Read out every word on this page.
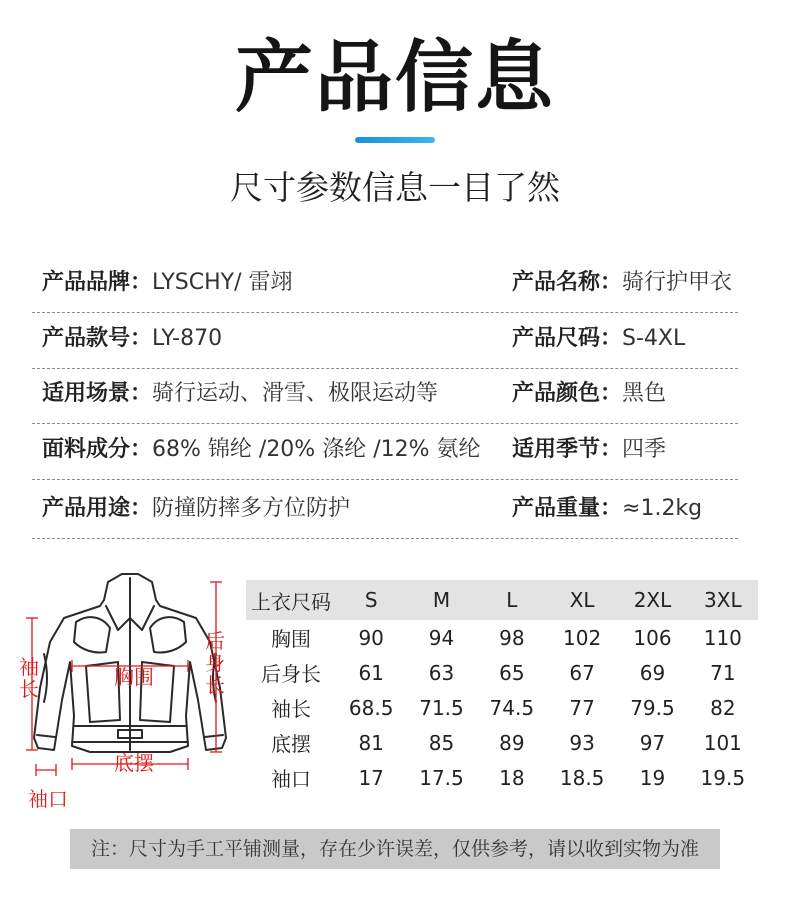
产品信息
尺寸参数信息一目了然
产品品牌：LYSCHY/ 雷翊	产品名称：骑行护甲衣
产品款号：LY-870	产品尺码：S-4XL
适用场景：骑行运动、滑雪、极限运动等	产品颜色：黑色
面料成分：68% 锦纶 /20% 涤纶 /12% 氨纶 适用季节：四季
产品用途：防撞防摔多方位防护	产品重量：≈1.2kg
袖长	胸围
后身长
底摆
袖口
上衣尺码	S	M	L	XL	2XL	3XL
胸围	90	94	98	102	106	110
后身长	61	63	65	67	69	71
袖长	68.5	71.5	74.5	77	79.5	82
底摆	81	85	89	93	97	101
袖口	17	17.5	18	18.5	19	19.5
注：尺寸为手工平铺测量，存在少许误差，仅供参考，请以收到实物为准
